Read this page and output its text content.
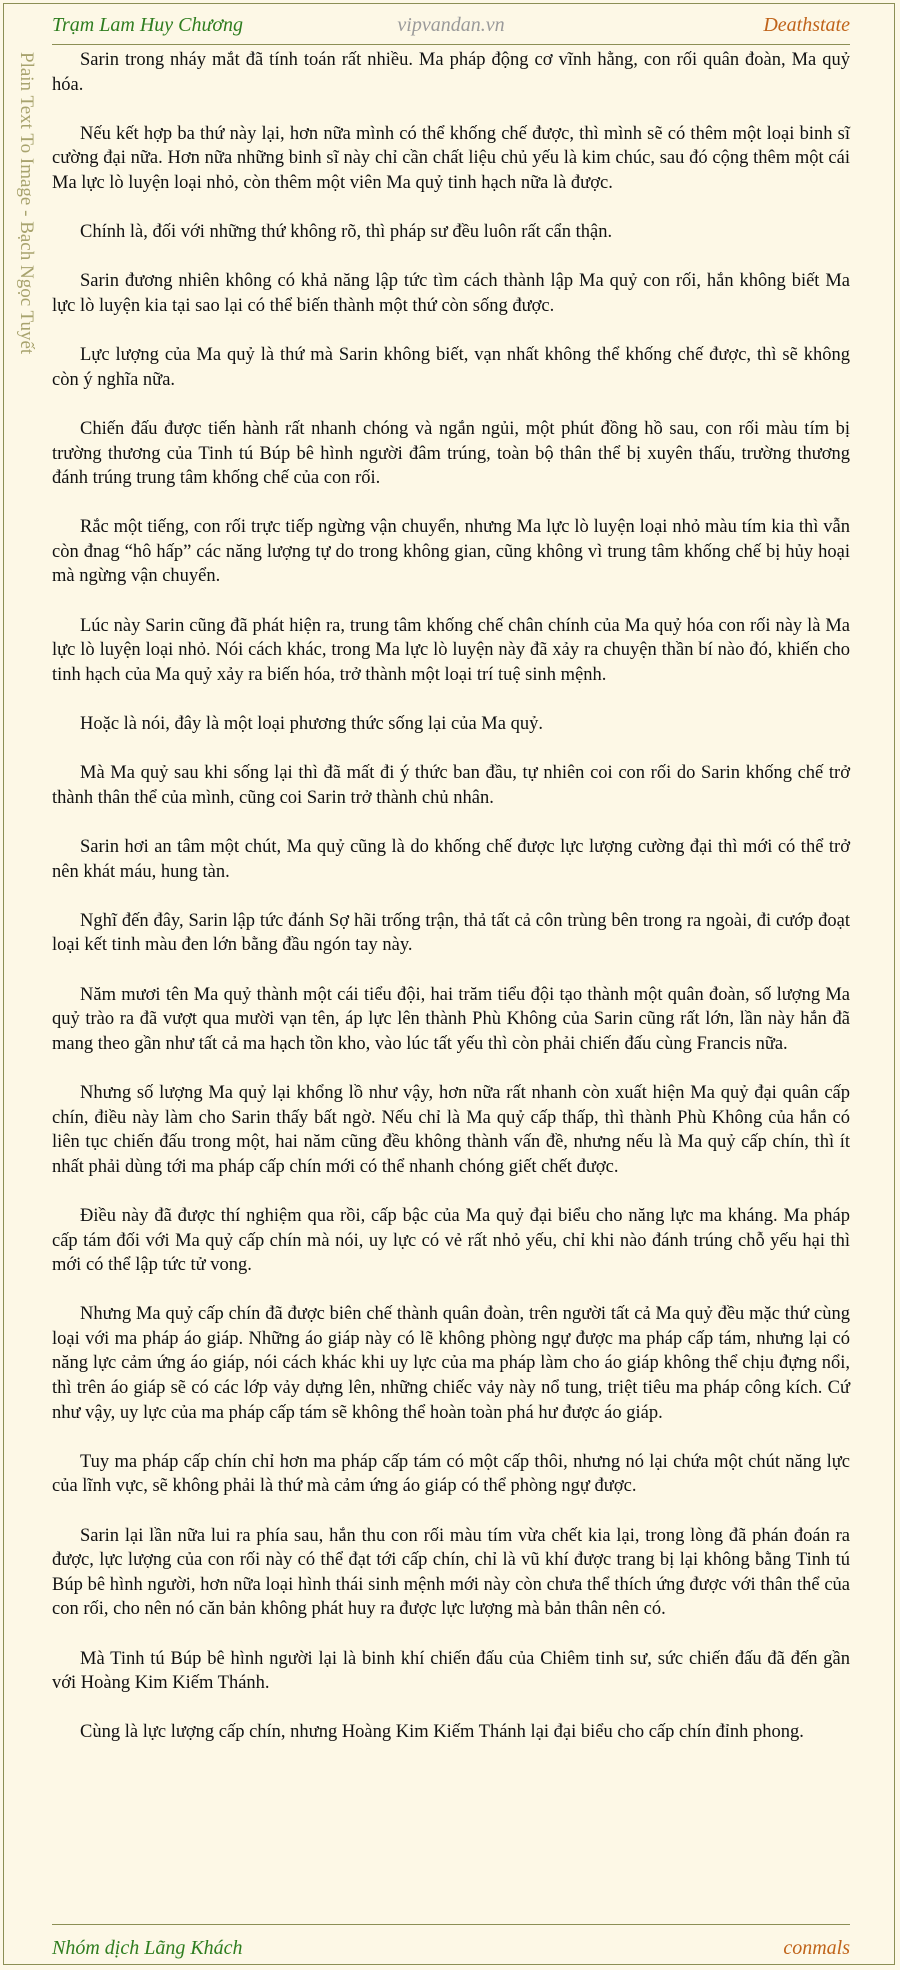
Trạm Lam Huy Chương	vipvandan.vn	Deathstate
Plain Text To Image - Bạch Ngọc Tuyết	Sarin trong nháy mắt đã tính toán rất nhiều. Ma pháp động cơ vĩnh hằng, con rối quân đoàn, Ma quỷ hóa.

Nếu kết hợp ba thứ này lại, hơn nữa mình có thể khống chế được, thì mình sẽ có thêm một loại binh sĩ cường đại nữa. Hơn nữa những binh sĩ này chỉ cần chất liệu chủ yếu là kim chúc, sau đó cộng thêm một cái Ma lực lò luyện loại nhỏ, còn thêm một viên Ma quỷ tinh hạch nữa là được.

Chính là, đối với những thứ không rõ, thì pháp sư đều luôn rất cẩn thận.

Sarin đương nhiên không có khả năng lập tức tìm cách thành lập Ma quỷ con rối, hắn không biết Ma lực lò luyện kia tại sao lại có thể biến thành một thứ còn sống được.

Lực lượng của Ma quỷ là thứ mà Sarin không biết, vạn nhất không thể khống chế được, thì sẽ không còn ý nghĩa nữa.

Chiến đấu được tiến hành rất nhanh chóng và ngắn ngủi, một phút đồng hồ sau, con rối màu tím bị trường thương của Tinh tú Búp bê hình người đâm trúng, toàn bộ thân thể bị xuyên thấu, trường thương đánh trúng trung tâm khống chế của con rối.

Rắc một tiếng, con rối trực tiếp ngừng vận chuyển, nhưng Ma lực lò luyện loại nhỏ màu tím kia thì vẫn còn đnag “hô hấp” các năng lượng tự do trong không gian, cũng không vì trung tâm khống chế bị hủy hoại mà ngừng vận chuyển.

Lúc này Sarin cũng đã phát hiện ra, trung tâm khống chế chân chính của Ma quỷ hóa con rối này là Ma lực lò luyện loại nhỏ. Nói cách khác, trong Ma lực lò luyện này đã xảy ra chuyện thần bí nào đó, khiến cho tinh hạch của Ma quỷ xảy ra biến hóa, trở thành một loại trí tuệ sinh mệnh.

Hoặc là nói, đây là một loại phương thức sống lại của Ma quỷ.

Mà Ma quỷ sau khi sống lại thì đã mất đi ý thức ban đầu, tự nhiên coi con rối do Sarin khống chế trở thành thân thể của mình, cũng coi Sarin trở thành chủ nhân.

Sarin hơi an tâm một chút, Ma quỷ cũng là do khống chế được lực lượng cường đại thì mới có thể trở nên khát máu, hung tàn.

Nghĩ đến đây, Sarin lập tức đánh Sợ hãi trống trận, thả tất cả côn trùng bên trong ra ngoài, đi cướp đoạt loại kết tinh màu đen lớn bằng đầu ngón tay này.

Năm mươi tên Ma quỷ thành một cái tiểu đội, hai trăm tiểu đội tạo thành một quân đoàn, số lượng Ma quỷ trào ra đã vượt qua mười vạn tên, áp lực lên thành Phù Không của Sarin cũng rất lớn, lần này hắn đã mang theo gần như tất cả ma hạch tồn kho, vào lúc tất yếu thì còn phải chiến đấu cùng Francis nữa.

Nhưng số lượng Ma quỷ lại khổng lồ như vậy, hơn nữa rất nhanh còn xuất hiện Ma quỷ đại quân cấp chín, điều này làm cho Sarin thấy bất ngờ. Nếu chỉ là Ma quỷ cấp thấp, thì thành Phù Không của hắn có liên tục chiến đấu trong một, hai năm cũng đều không thành vấn đề, nhưng nếu là Ma quỷ cấp chín, thì ít nhất phải dùng tới ma pháp cấp chín mới có thể nhanh chóng giết chết được.

Điều này đã được thí nghiệm qua rồi, cấp bậc của Ma quỷ đại biểu cho năng lực ma kháng. Ma pháp cấp tám đối với Ma quỷ cấp chín mà nói, uy lực có vẻ rất nhỏ yếu, chỉ khi nào đánh trúng chỗ yếu hại thì mới có thể lập tức tử vong.

Nhưng Ma quỷ cấp chín đã được biên chế thành quân đoàn, trên người tất cả Ma quỷ đều mặc thứ cùng loại với ma pháp áo giáp. Những áo giáp này có lẽ không phòng ngự được ma pháp cấp tám, nhưng lại có năng lực cảm ứng áo giáp, nói cách khác khi uy lực của ma pháp làm cho áo giáp không thể chịu đựng nổi, thì trên áo giáp sẽ có các lớp vảy dựng lên, những chiếc vảy này nổ tung, triệt tiêu ma pháp công kích. Cứ như vậy, uy lực của ma pháp cấp tám sẽ không thể hoàn toàn phá hư được áo giáp.

Tuy ma pháp cấp chín chỉ hơn ma pháp cấp tám có một cấp thôi, nhưng nó lại chứa một chút năng lực của lĩnh vực, sẽ không phải là thứ mà cảm ứng áo giáp có thể phòng ngự được.

Sarin lại lần nữa lui ra phía sau, hắn thu con rối màu tím vừa chết kia lại, trong lòng đã phán đoán ra được, lực lượng của con rối này có thể đạt tới cấp chín, chỉ là vũ khí được trang bị lại không bằng Tinh tú Búp bê hình người, hơn nữa loại hình thái sinh mệnh mới này còn chưa thể thích ứng được với thân thể của con rối, cho nên nó căn bản không phát huy ra được lực lượng mà bản thân nên có.

Mà Tinh tú Búp bê hình người lại là binh khí chiến đấu của Chiêm tinh sư, sức chiến đấu đã đến gần với Hoàng Kim Kiếm Thánh.

Cùng là lực lượng cấp chín, nhưng Hoàng Kim Kiếm Thánh lại đại biểu cho cấp chín đỉnh phong.

Nhóm dịch Lãng Khách	conmals
